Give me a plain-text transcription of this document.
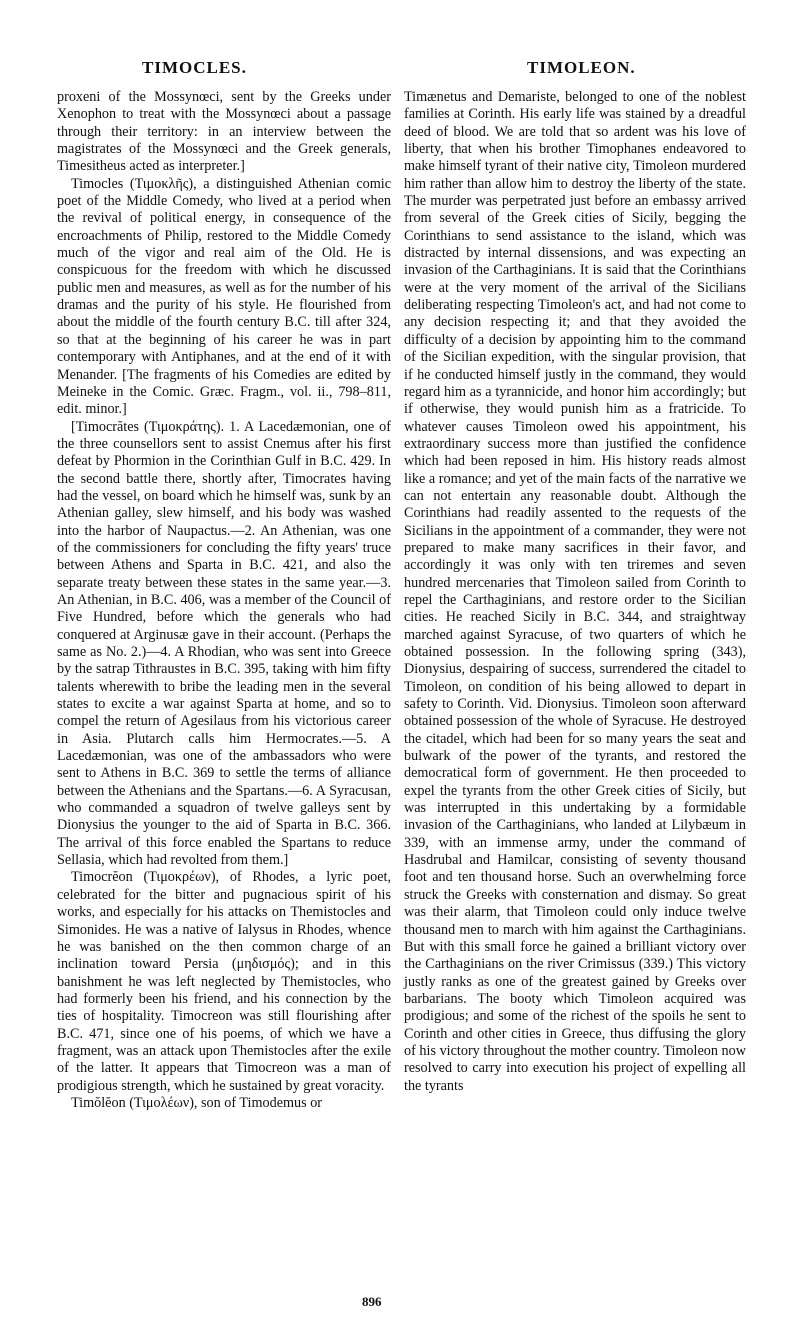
TIMOCLES.	TIMOLEON.

proxeni of the Mossynœci, sent by the Greeks under Xenophon to treat with the Mossynœci about a passage through their territory: in an interview between the magistrates of the Mossynœci and the Greek generals, Timesitheus acted as interpreter.]

Timocles (Τιμοκλῆς), a distinguished Athenian comic poet of the Middle Comedy, who lived at a period when the revival of political energy, in consequence of the encroachments of Philip, restored to the Middle Comedy much of the vigor and real aim of the Old. He is conspicuous for the freedom with which he discussed public men and measures, as well as for the number of his dramas and the purity of his style. He flourished from about the middle of the fourth century B.C. till after 324, so that at the beginning of his career he was in part contemporary with Antiphanes, and at the end of it with Menander. [The fragments of his Comedies are edited by Meineke in the Comic. Græc. Fragm., vol. ii., 798–811, edit. minor.]

[Timocrătes (Τιμοκράτης). 1. A Lacedæmonian, one of the three counsellors sent to assist Cnemus after his first defeat by Phormion in the Corinthian Gulf in B.C. 429. In the second battle there, shortly after, Timocrates having had the vessel, on board which he himself was, sunk by an Athenian galley, slew himself, and his body was washed into the harbor of Naupactus.—2. An Athenian, was one of the commissioners for concluding the fifty years' truce between Athens and Sparta in B.C. 421, and also the separate treaty between these states in the same year.—3. An Athenian, in B.C. 406, was a member of the Council of Five Hundred, before which the generals who had conquered at Arginusæ gave in their account. (Perhaps the same as No. 2.)—4. A Rhodian, who was sent into Greece by the satrap Tithraustes in B.C. 395, taking with him fifty talents wherewith to bribe the leading men in the several states to excite a war against Sparta at home, and so to compel the return of Agesilaus from his victorious career in Asia. Plutarch calls him Hermocrates.—5. A Lacedæmonian, was one of the ambassadors who were sent to Athens in B.C. 369 to settle the terms of alliance between the Athenians and the Spartans.—6. A Syracusan, who commanded a squadron of twelve galleys sent by Dionysius the younger to the aid of Sparta in B.C. 366. The arrival of this force enabled the Spartans to reduce Sellasia, which had revolted from them.]

Timocrĕon (Τιμοκρέων), of Rhodes, a lyric poet, celebrated for the bitter and pugnacious spirit of his works, and especially for his attacks on Themistocles and Simonides. He was a native of Ialysus in Rhodes, whence he was banished on the then common charge of an inclination toward Persia (μηδισμός); and in this banishment he was left neglected by Themistocles, who had formerly been his friend, and his connection by the ties of hospitality. Timocreon was still flourishing after B.C. 471, since one of his poems, of which we have a fragment, was an attack upon Themistocles after the exile of the latter. It appears that Timocreon was a man of prodigious strength, which he sustained by great voracity.

Timŏlĕon (Τιμολέων), son of Timodemus or

Timænetus and Demariste, belonged to one of the noblest families at Corinth. His early life was stained by a dreadful deed of blood. We are told that so ardent was his love of liberty, that when his brother Timophanes endeavored to make himself tyrant of their native city, Timoleon murdered him rather than allow him to destroy the liberty of the state. The murder was perpetrated just before an embassy arrived from several of the Greek cities of Sicily, begging the Corinthians to send assistance to the island, which was distracted by internal dissensions, and was expecting an invasion of the Carthaginians. It is said that the Corinthians were at the very moment of the arrival of the Sicilians deliberating respecting Timoleon's act, and had not come to any decision respecting it; and that they avoided the difficulty of a decision by appointing him to the command of the Sicilian expedition, with the singular provision, that if he conducted himself justly in the command, they would regard him as a tyrannicide, and honor him accordingly; but if otherwise, they would punish him as a fratricide. To whatever causes Timoleon owed his appointment, his extraordinary success more than justified the confidence which had been reposed in him. His history reads almost like a romance; and yet of the main facts of the narrative we can not entertain any reasonable doubt. Although the Corinthians had readily assented to the requests of the Sicilians in the appointment of a commander, they were not prepared to make many sacrifices in their favor, and accordingly it was only with ten triremes and seven hundred mercenaries that Timoleon sailed from Corinth to repel the Carthaginians, and restore order to the Sicilian cities. He reached Sicily in B.C. 344, and straightway marched against Syracuse, of two quarters of which he obtained possession. In the following spring (343), Dionysius, despairing of success, surrendered the citadel to Timoleon, on condition of his being allowed to depart in safety to Corinth. Vid. Dionysius. Timoleon soon afterward obtained possession of the whole of Syracuse. He destroyed the citadel, which had been for so many years the seat and bulwark of the power of the tyrants, and restored the democratical form of government. He then proceeded to expel the tyrants from the other Greek cities of Sicily, but was interrupted in this undertaking by a formidable invasion of the Carthaginians, who landed at Lilybæum in 339, with an immense army, under the command of Hasdrubal and Hamilcar, consisting of seventy thousand foot and ten thousand horse. Such an overwhelming force struck the Greeks with consternation and dismay. So great was their alarm, that Timoleon could only induce twelve thousand men to march with him against the Carthaginians. But with this small force he gained a brilliant victory over the Carthaginians on the river Crimissus (339.) This victory justly ranks as one of the greatest gained by Greeks over barbarians. The booty which Timoleon acquired was prodigious; and some of the richest of the spoils he sent to Corinth and other cities in Greece, thus diffusing the glory of his victory throughout the mother country. Timoleon now resolved to carry into execution his project of expelling all the tyrants

896
